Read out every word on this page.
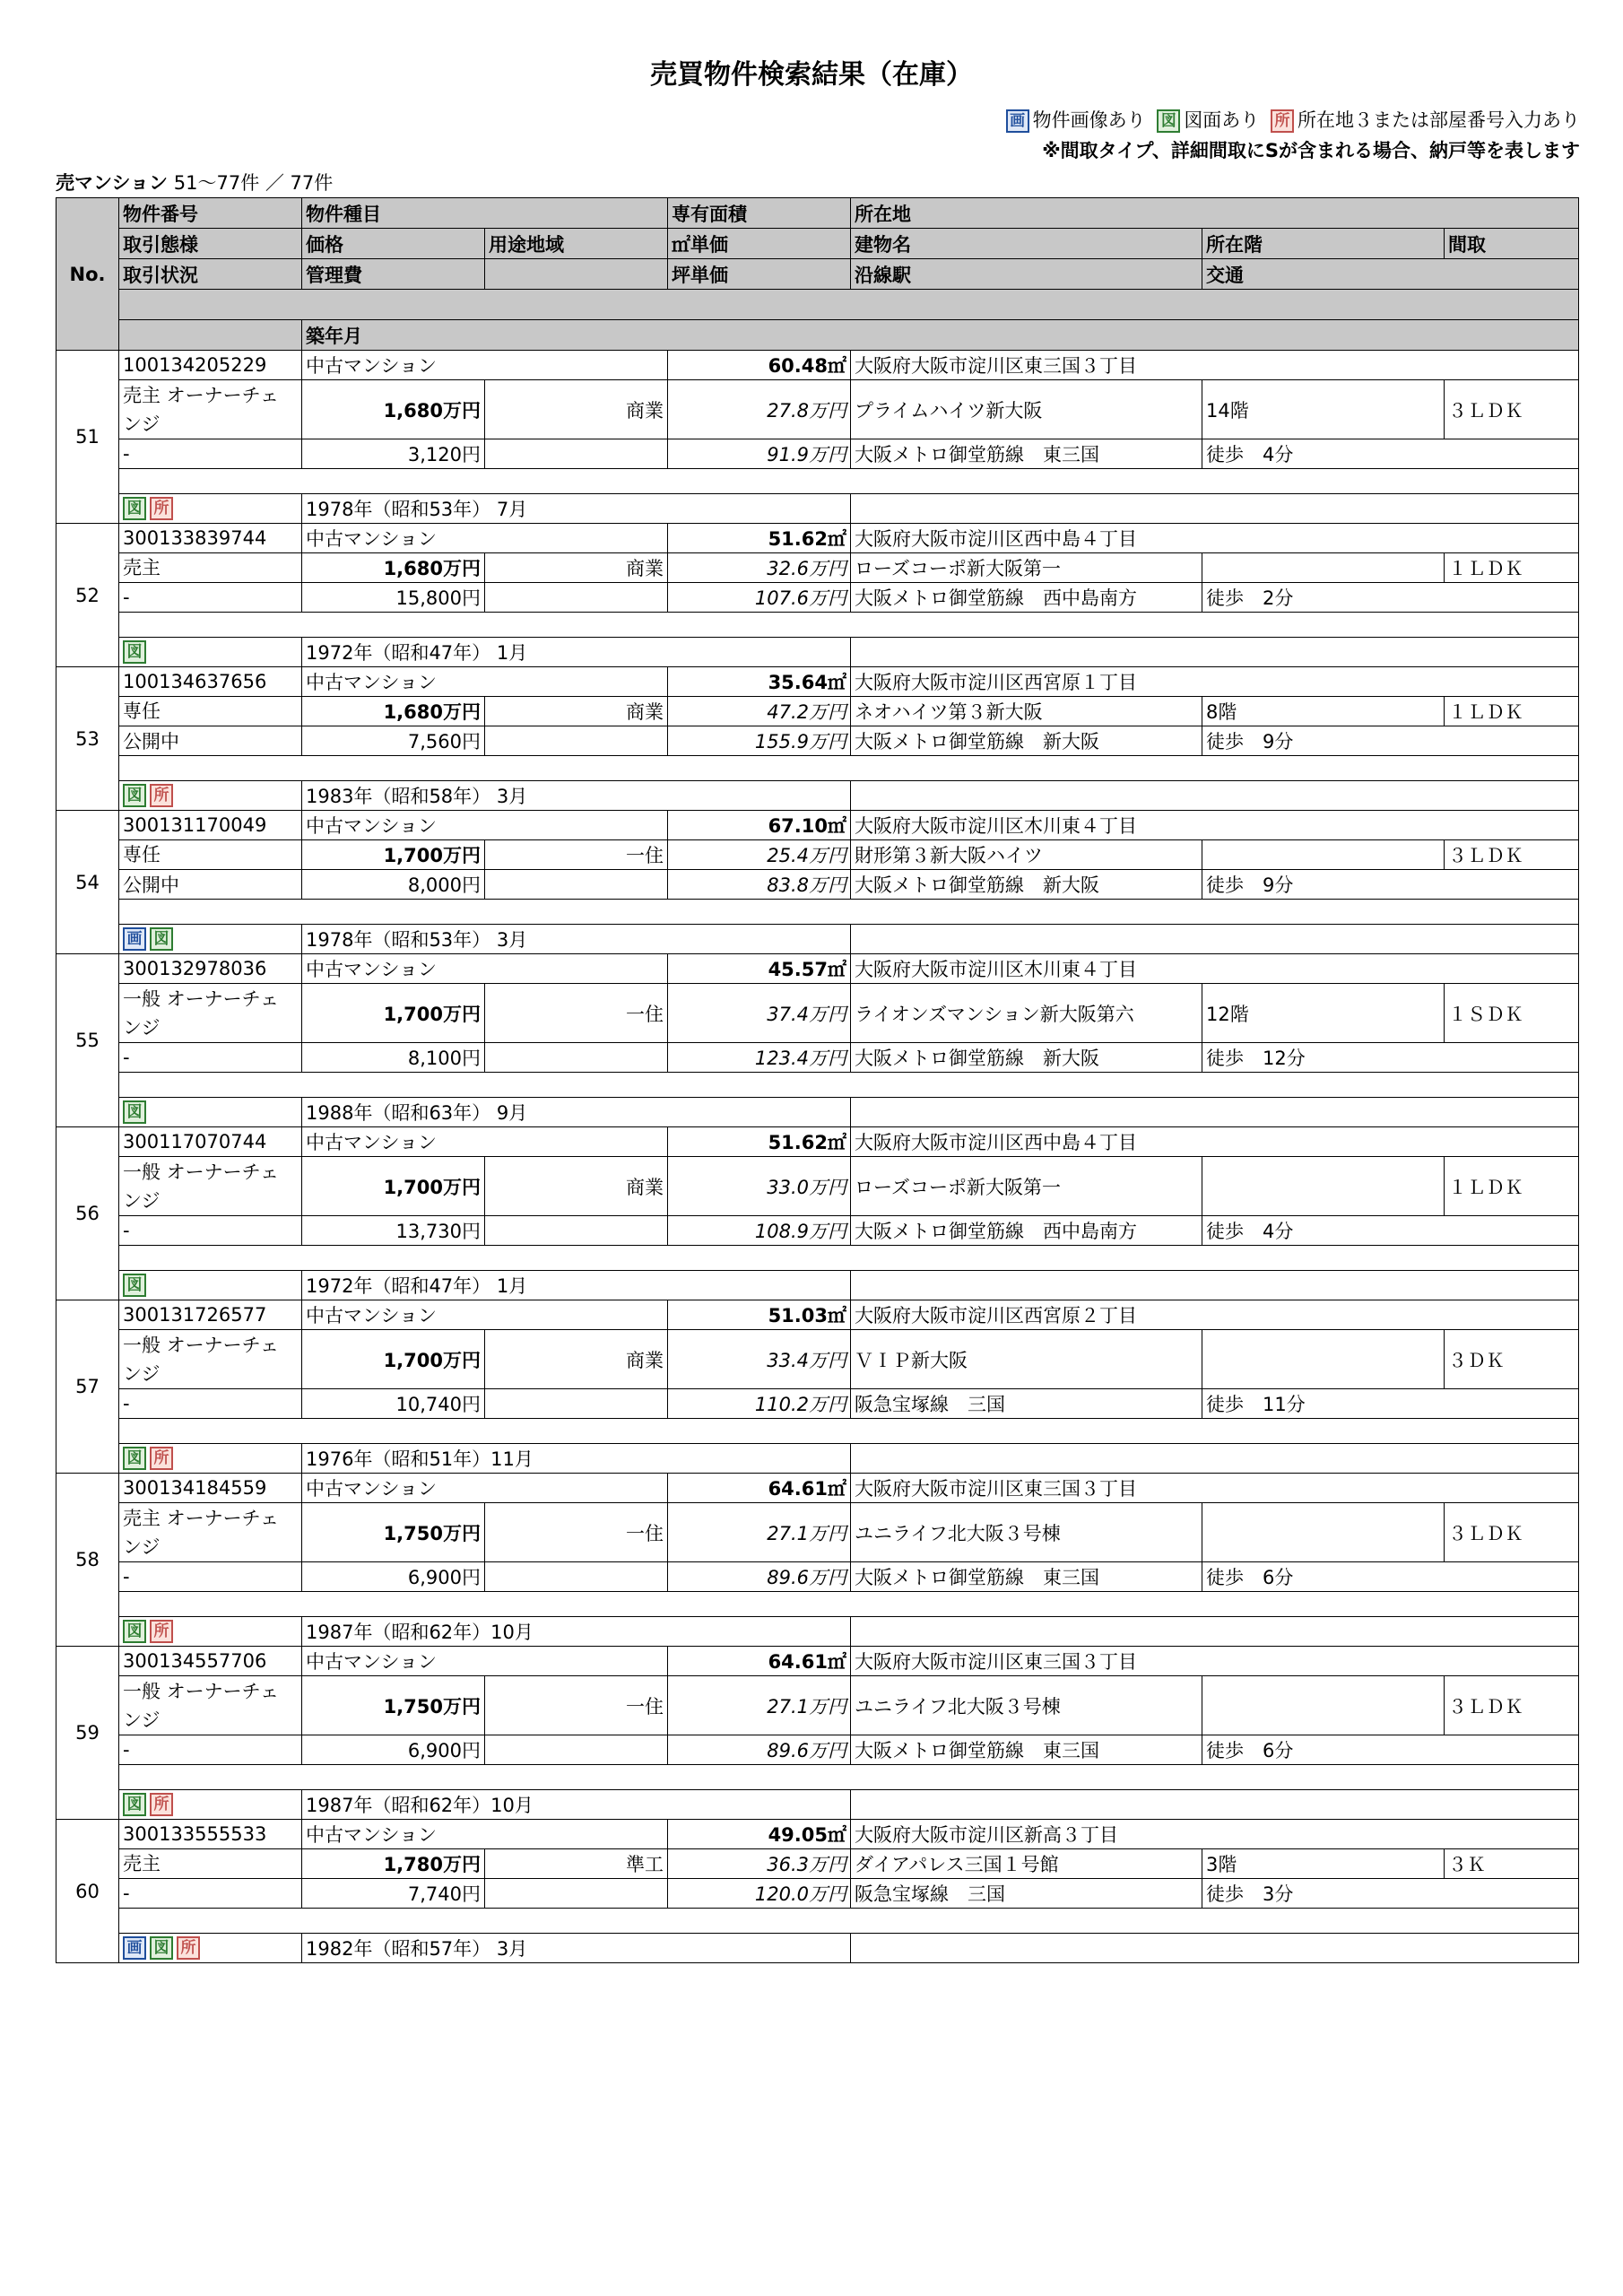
売買物件検索結果（在庫）
画 物件画像あり 図 図面あり 所 所在地３または部屋番号入力あり
※間取タイプ、詳細間取にSが含まれる場合、納戸等を表します
売マンション 51〜77件 ／ 77件
No.	物件番号	物件種目		専有面積	所在地		
	取引態様	価格	用途地域	㎡単価	建物名	所在階	間取
	取引状況	管理費		坪単価	沿線駅	交通	

		築年月					
51	100134205229	中古マンション		60.48㎡	大阪府大阪市淀川区東三国３丁目		
	売主 オーナーチェンジ	1,680万円	商業	27.8万円	プライムハイツ新大阪	14階	３ＬＤＫ
	-	3,120円		91.9万円	大阪メトロ御堂筋線　東三国	徒歩　4分	

	図 所	1978年（昭和53年） 7月					
52	300133839744	中古マンション		51.62㎡	大阪府大阪市淀川区西中島４丁目		
	売主	1,680万円	商業	32.6万円	ローズコーポ新大阪第一		１ＬＤＫ
	-	15,800円		107.6万円	大阪メトロ御堂筋線　西中島南方	徒歩　2分	

	図	1972年（昭和47年） 1月					
53	100134637656	中古マンション		35.64㎡	大阪府大阪市淀川区西宮原１丁目		
	専任	1,680万円	商業	47.2万円	ネオハイツ第３新大阪	8階	１ＬＤＫ
	公開中	7,560円		155.9万円	大阪メトロ御堂筋線　新大阪	徒歩　9分	

	図 所	1983年（昭和58年） 3月					
54	300131170049	中古マンション		67.10㎡	大阪府大阪市淀川区木川東４丁目		
	専任	1,700万円	一住	25.4万円	財形第３新大阪ハイツ		３ＬＤＫ
	公開中	8,000円		83.8万円	大阪メトロ御堂筋線　新大阪	徒歩　9分	

	画 図	1978年（昭和53年） 3月					
55	300132978036	中古マンション		45.57㎡	大阪府大阪市淀川区木川東４丁目		
	一般 オーナーチェンジ	1,700万円	一住	37.4万円	ライオンズマンション新大阪第六	12階	１ＳＤＫ
	-	8,100円		123.4万円	大阪メトロ御堂筋線　新大阪	徒歩　12分	

	図	1988年（昭和63年） 9月					
56	300117070744	中古マンション		51.62㎡	大阪府大阪市淀川区西中島４丁目		
	一般 オーナーチェンジ	1,700万円	商業	33.0万円	ローズコーポ新大阪第一		１ＬＤＫ
	-	13,730円		108.9万円	大阪メトロ御堂筋線　西中島南方	徒歩　4分	

	図	1972年（昭和47年） 1月					
57	300131726577	中古マンション		51.03㎡	大阪府大阪市淀川区西宮原２丁目		
	一般 オーナーチェンジ	1,700万円	商業	33.4万円	ＶＩＰ新大阪		３ＤＫ
	-	10,740円		110.2万円	阪急宝塚線　三国	徒歩　11分	

	図 所	1976年（昭和51年）11月					
58	300134184559	中古マンション		64.61㎡	大阪府大阪市淀川区東三国３丁目		
	売主 オーナーチェンジ	1,750万円	一住	27.1万円	ユニライフ北大阪３号棟		３ＬＤＫ
	-	6,900円		89.6万円	大阪メトロ御堂筋線　東三国	徒歩　6分	

	図 所	1987年（昭和62年）10月					
59	300134557706	中古マンション		64.61㎡	大阪府大阪市淀川区東三国３丁目		
	一般 オーナーチェンジ	1,750万円	一住	27.1万円	ユニライフ北大阪３号棟		３ＬＤＫ
	-	6,900円		89.6万円	大阪メトロ御堂筋線　東三国	徒歩　6分	

	図 所	1987年（昭和62年）10月					
60	300133555533	中古マンション		49.05㎡	大阪府大阪市淀川区新高３丁目		
	売主	1,780万円	準工	36.3万円	ダイアパレス三国１号館	3階	３Ｋ
	-	7,740円		120.0万円	阪急宝塚線　三国	徒歩　3分	

	画 図 所	1982年（昭和57年） 3月					
